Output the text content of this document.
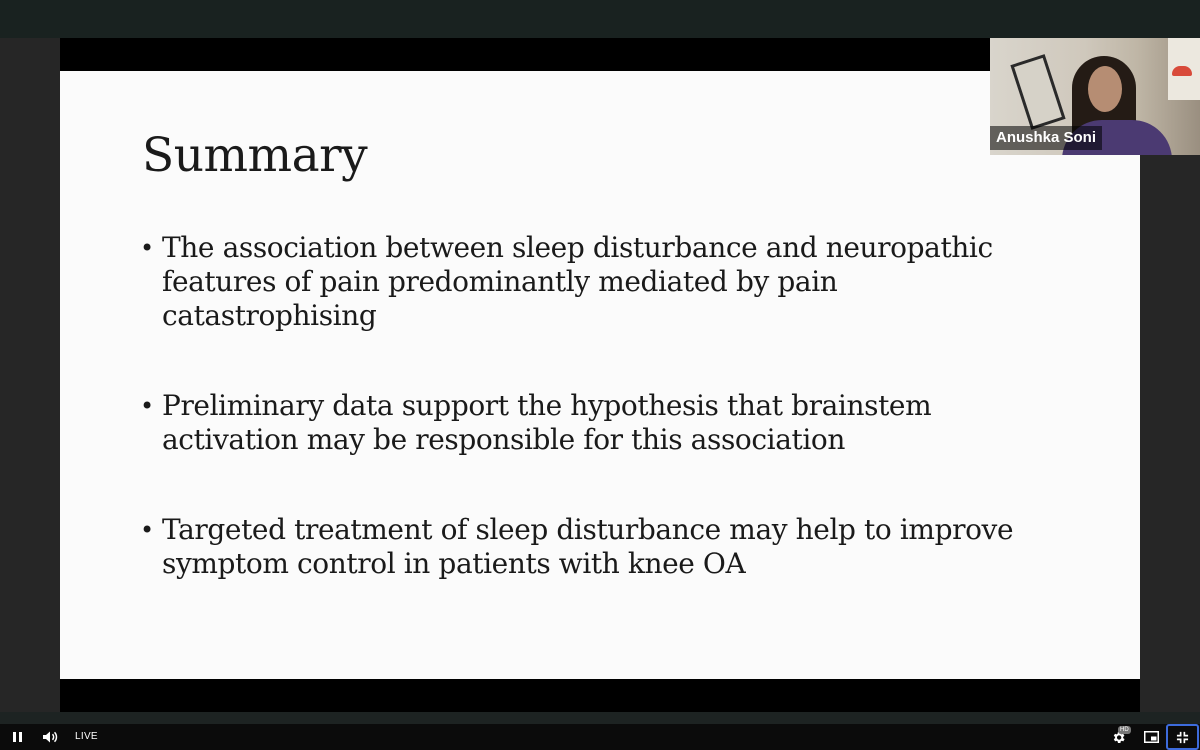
Summary
• The association between sleep disturbance and neuropathic features of pain predominantly mediated by pain catastrophising
• Preliminary data support the hypothesis that brainstem activation may be responsible for this association
• Targeted treatment of sleep disturbance may help to improve symptom control in patients with knee OA
Anushka Soni
LIVE
HD
